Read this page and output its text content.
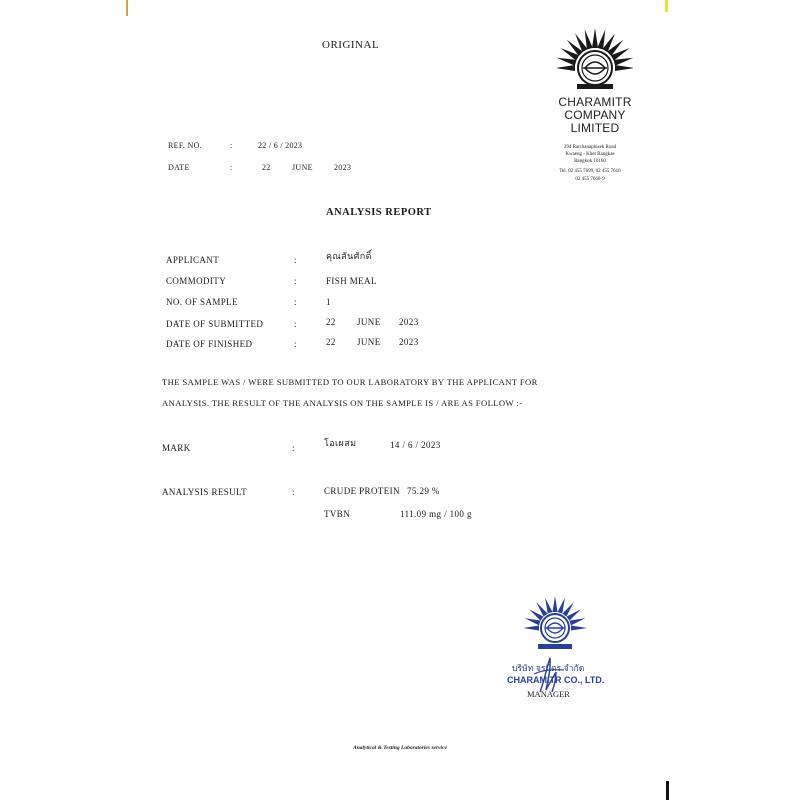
ORIGINAL
CHARAMITR
COMPANY
LIMITED
294 Ratchanaphisek Road
Kwaeng - Khet Bangkae
Bangkok 10160
Tel. 02 455 7699, 02 455 7616
02 455 7660-9
REF. NO.	:	22 / 6 / 2023
DATE	:	22	JUNE	2023
ANALYSIS REPORT
APPLICANT	:	คุณสันศักดิ์
COMMODITY	:	FISH MEAL
NO. OF SAMPLE	:	1
DATE OF SUBMITTED	:	22 JUNE 2023
DATE OF FINISHED	:	22 JUNE 2023
THE SAMPLE WAS / WERE SUBMITTED TO OUR LABORATORY BY THE APPLICANT FOR
ANALYSIS. THE RESULT OF THE ANALYSIS ON THE SAMPLE IS / ARE AS FOLLOW :-
MARK	:	โอเผสม	14 / 6 / 2023
ANALYSIS RESULT	:	CRUDE PROTEIN 75.29 %
TVBN	111.09 mg / 100 g
บริษัท จรมิตร จำกัด
CHARAMITR CO., LTD.
MANAGER
Analytical & Testing Laboratories service
